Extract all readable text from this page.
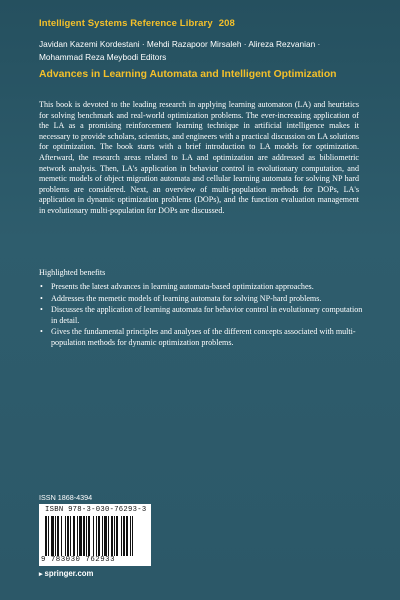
Intelligent Systems Reference Library 208
Javidan Kazemi Kordestani · Mehdi Razapoor Mirsaleh · Alireza Rezvanian ·
Mohammad Reza Meybodi Editors
Advances in Learning Automata and Intelligent Optimization

This book is devoted to the leading research in applying learning automaton (LA) and heuristics for solving benchmark and real-world optimization problems. The ever-increasing application of the LA as a promising reinforcement learning technique in artificial intelligence makes it necessary to provide scholars, scientists, and engineers with a practical discussion on LA solutions for optimization. The book starts with a brief introduction to LA models for optimization. Afterward, the research areas related to LA and optimization are addressed as bibliometric network analysis. Then, LA's application in behavior control in evolutionary computation, and memetic models of object migration automata and cellular learning automata for solving NP hard problems are considered. Next, an overview of multi-population methods for DOPs, LA's application in dynamic optimization problems (DOPs), and the function evaluation management in evolutionary multi-population for DOPs are discussed.

Highlighted benefits
• Presents the latest advances in learning automata-based optimization approaches.
• Addresses the memetic models of learning automata for solving NP-hard problems.
• Discusses the application of learning automata for behavior control in evolutionary computation in detail.
• Gives the fundamental principles and analyses of the different concepts associated with multi-population methods for dynamic optimization problems.
ISSN 1868-4394
ISBN 978-3-030-76293-3
9 783030 762933
▸ springer.com
